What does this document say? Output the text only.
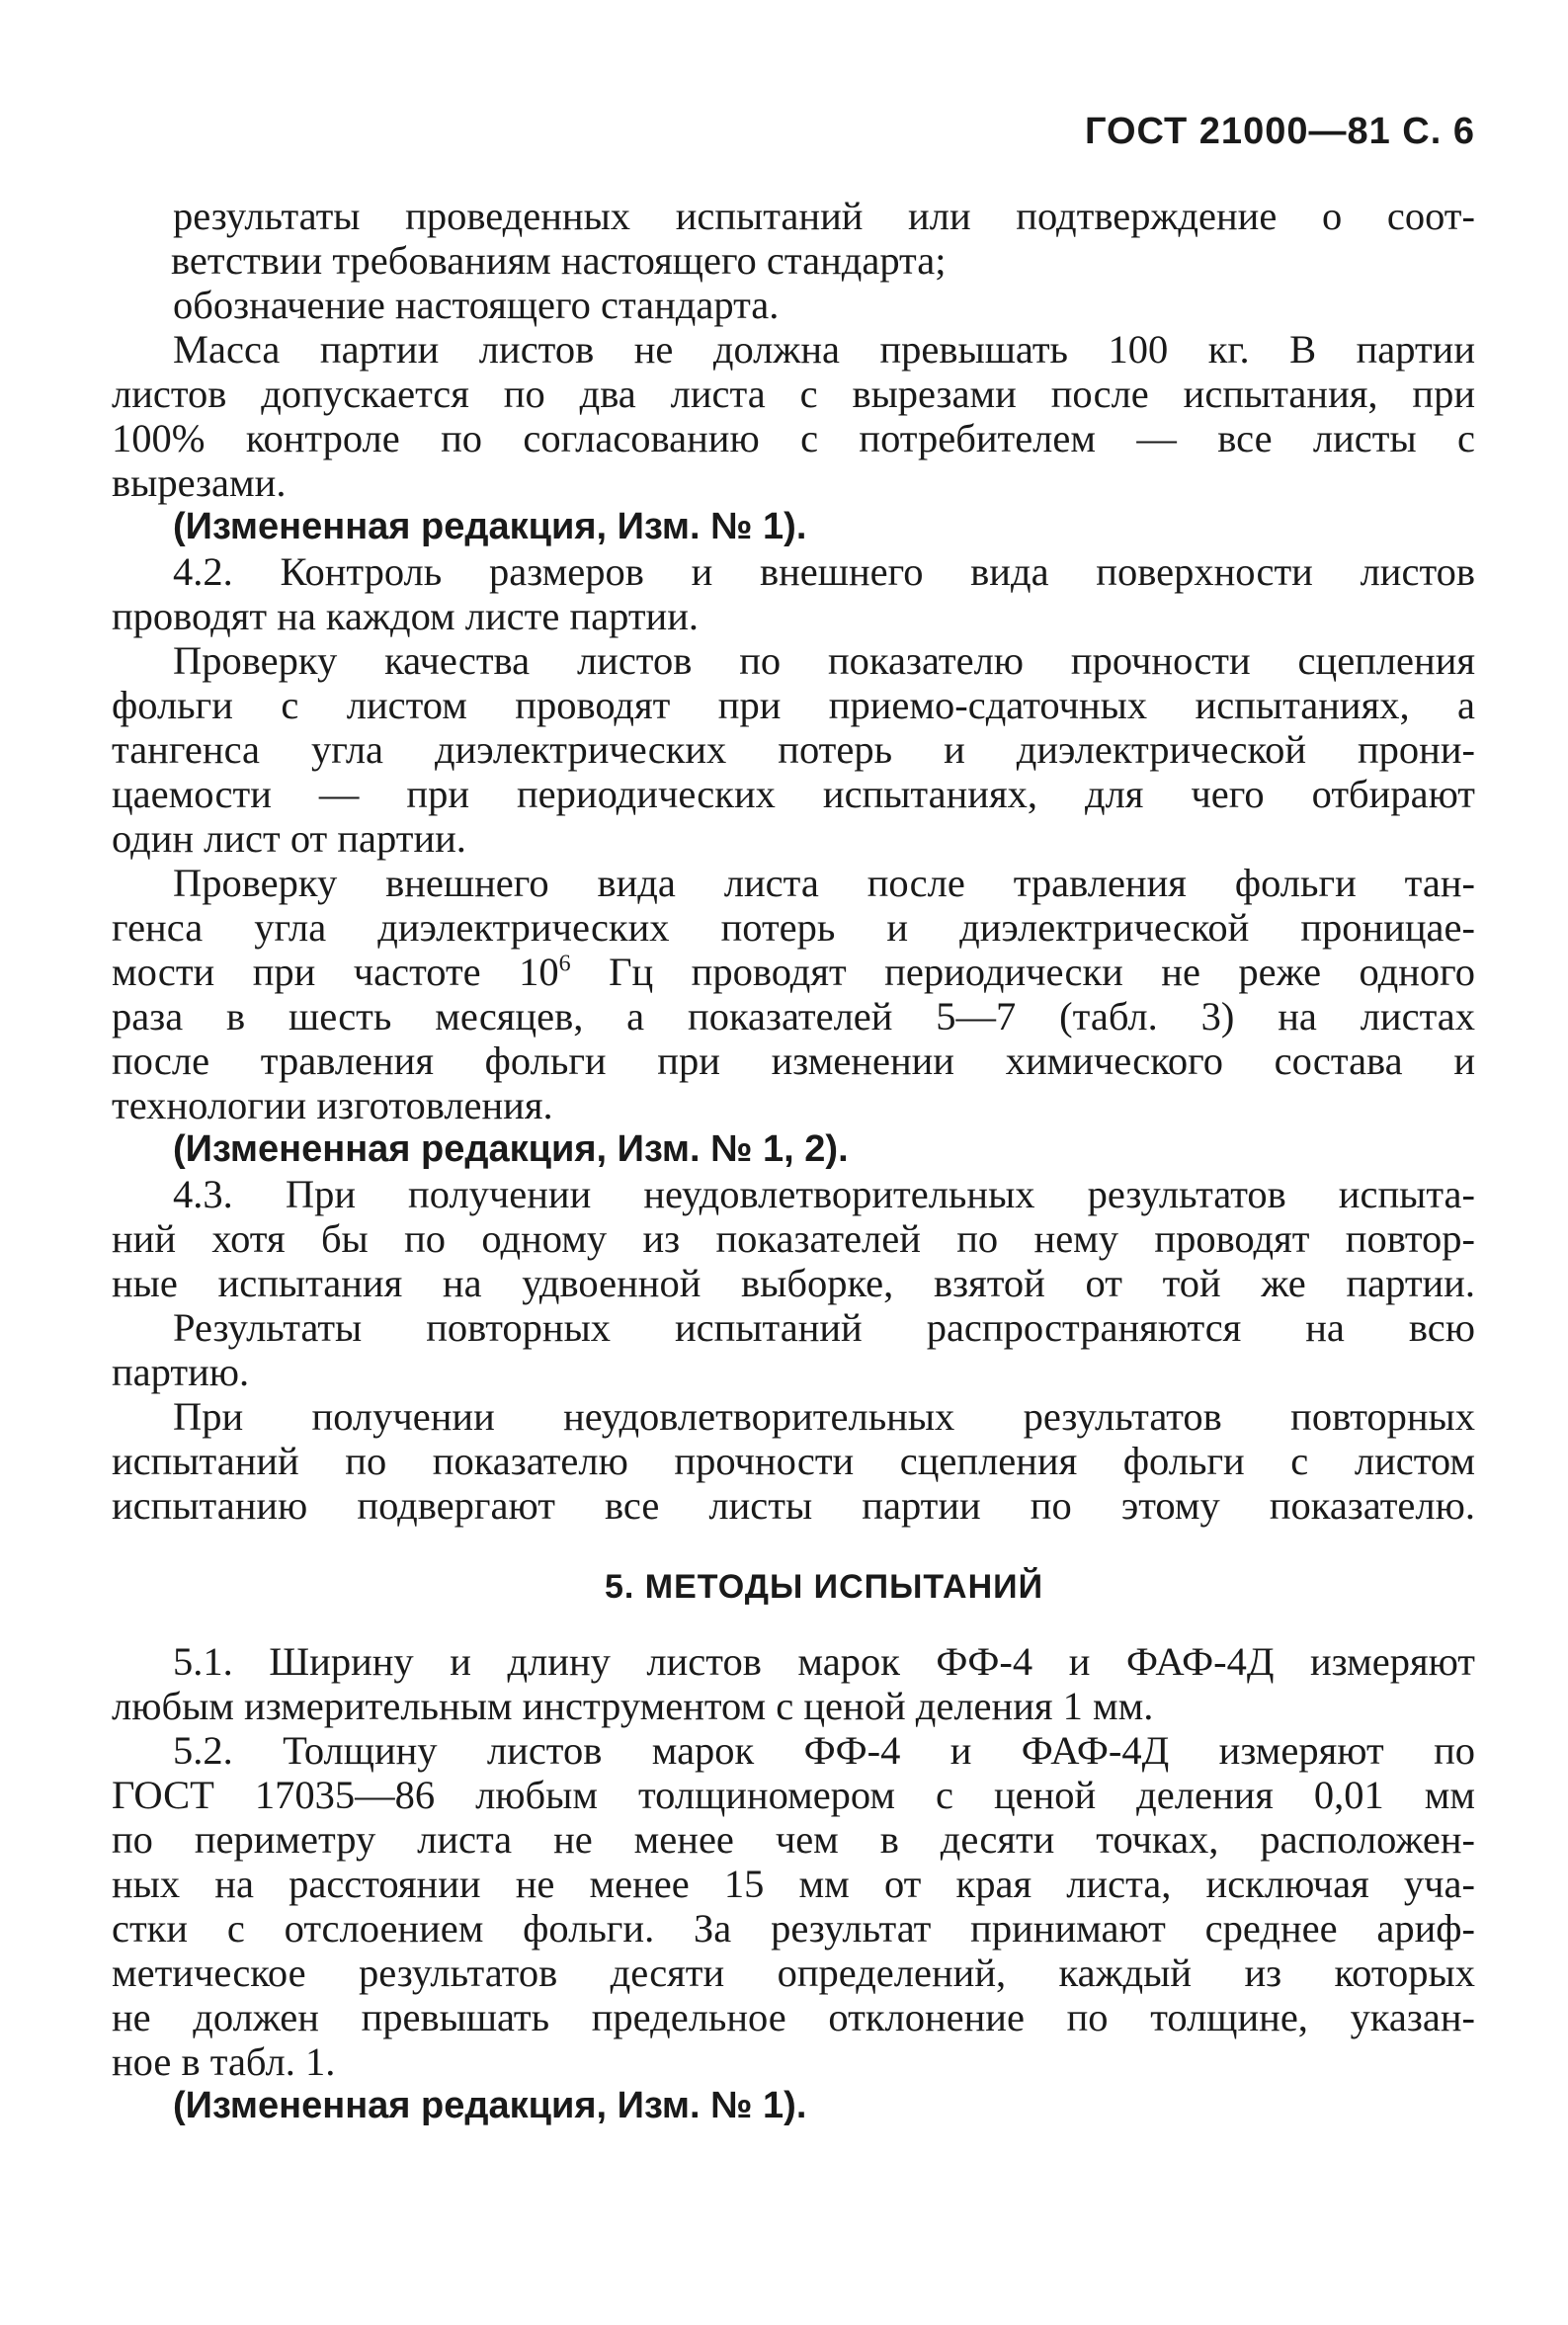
ГОСТ 21000—81 С. 6

результаты проведенных испытаний или подтверждение о соот-
ветствии требованиям настоящего стандарта;

обозначение настоящего стандарта.

Масса партии листов не должна превышать 100 кг. В партии
листов допускается по два листа с вырезами после испытания, при
100% контроле по согласованию с потребителем — все листы с
вырезами.

(Измененная редакция, Изм. № 1).

4.2. Контроль размеров и внешнего вида поверхности листов
проводят на каждом листе партии.

Проверку качества листов по показателю прочности сцепления
фольги с листом проводят при приемо-сдаточных испытаниях, а
тангенса угла диэлектрических потерь и диэлектрической прони-
цаемости — при периодических испытаниях, для чего отбирают
один лист от партии.

Проверку внешнего вида листа после травления фольги тан-
генса угла диэлектрических потерь и диэлектрической проницае-
мости при частоте $10^6$ Гц проводят периодически не реже одного
раза в шесть месяцев, а показателей 5—7 (табл. 3) на листах
после травления фольги при изменении химического состава и
технологии изготовления.

(Измененная редакция, Изм. № 1, 2).

4.3. При получении неудовлетворительных результатов испыта-
ний хотя бы по одному из показателей по нему проводят повтор-
ные испытания на удвоенной выборке, взятой от той же партии.

Результаты повторных испытаний распространяются на всю
партию.

При получении неудовлетворительных результатов повторных
испытаний по показателю прочности сцепления фольги с листом
испытанию подвергают все листы партии по этому показателю.

5. МЕТОДЫ ИСПЫТАНИЙ

5.1. Ширину и длину листов марок ФФ-4 и ФАФ-4Д измеряют
любым измерительным инструментом с ценой деления 1 мм.

5.2. Толщину листов марок ФФ-4 и ФАФ-4Д измеряют по
ГОСТ 17035—86 любым толщиномером с ценой деления 0,01 мм
по периметру листа не менее чем в десяти точках, расположен-
ных на расстоянии не менее 15 мм от края листа, исключая уча-
стки с отслоением фольги. За результат принимают среднее ариф-
метическое результатов десяти определений, каждый из которых
не должен превышать предельное отклонение по толщине, указан-
ное в табл. 1.

(Измененная редакция, Изм. № 1).
